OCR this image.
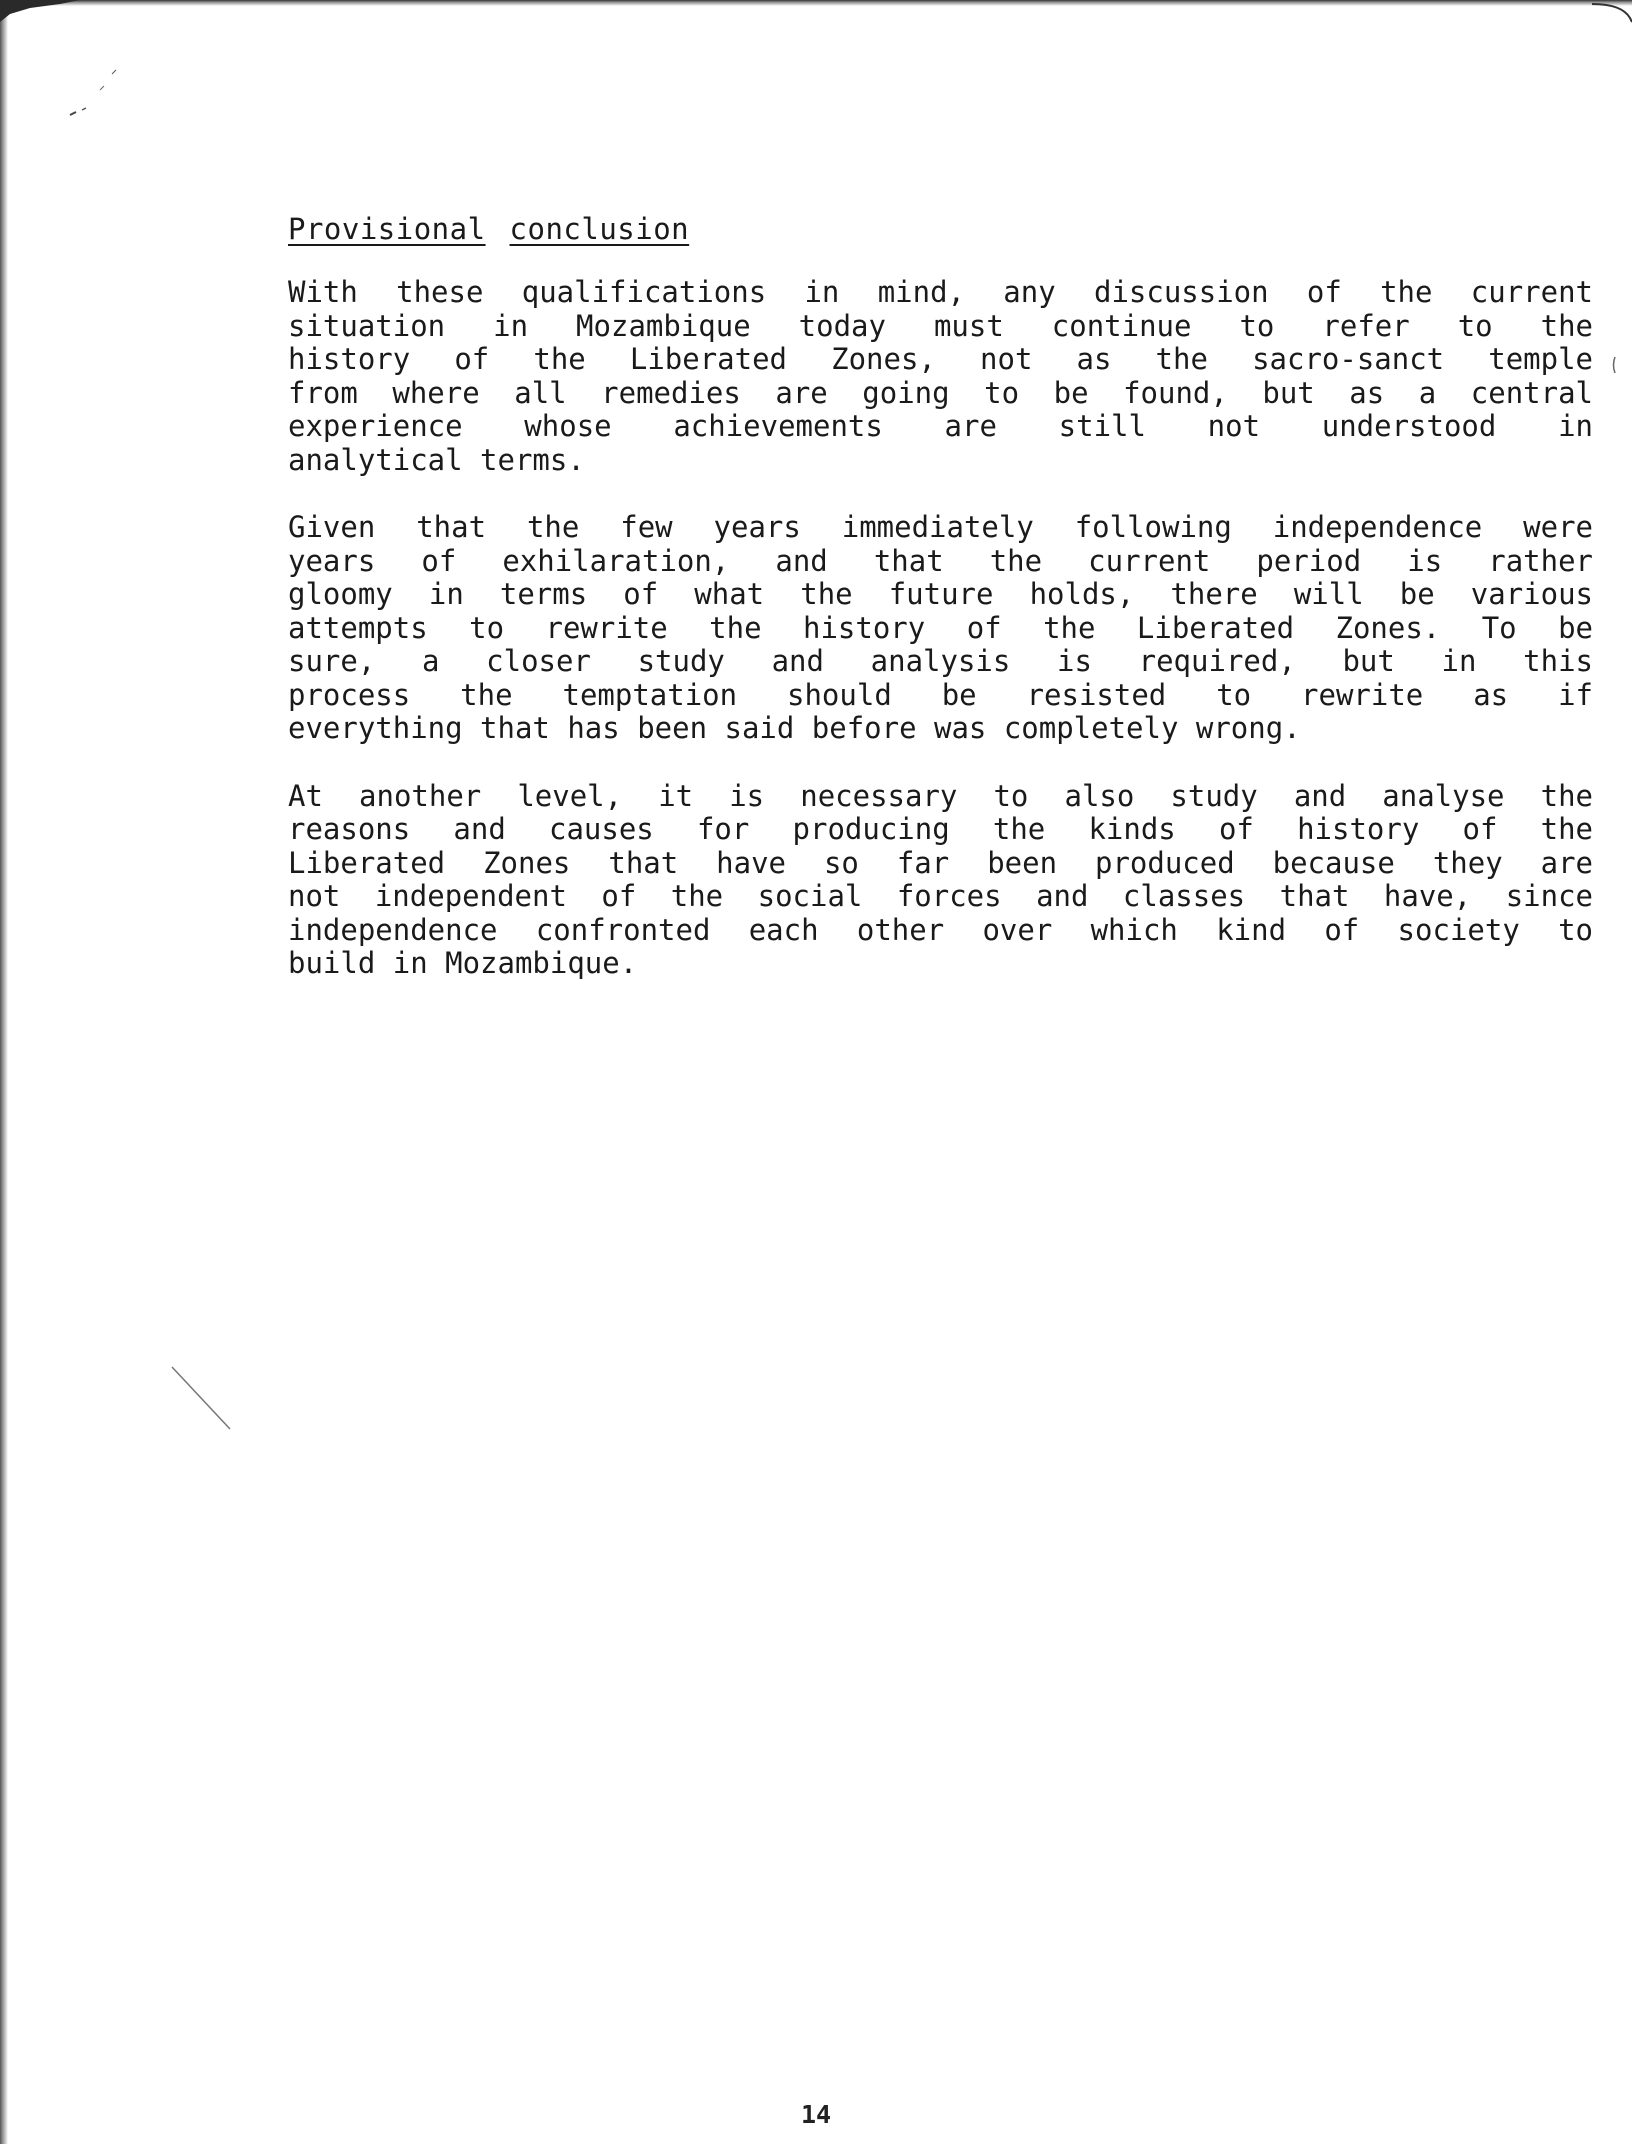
Provisional conclusion
With these qualifications in mind, any discussion of the current
situation in Mozambique today must continue to refer to the
history of the Liberated Zones, not as the sacro-sanct temple
from where all remedies are going to be found, but as a central
experience whose achievements are still not understood in
analytical terms.
Given that the few years immediately following independence were
years of exhilaration, and that the current period is rather
gloomy in terms of what the future holds, there will be various
attempts to rewrite the history of the Liberated Zones. To be
sure, a closer study and analysis is required, but in this
process the temptation should be resisted to rewrite as if
everything that has been said before was completely wrong.
At another level, it is necessary to also study and analyse the
reasons and causes for producing the kinds of history of the
Liberated Zones that have so far been produced because they are
not independent of the social forces and classes that have, since
independence confronted each other over which kind of society to
build in Mozambique.
14
